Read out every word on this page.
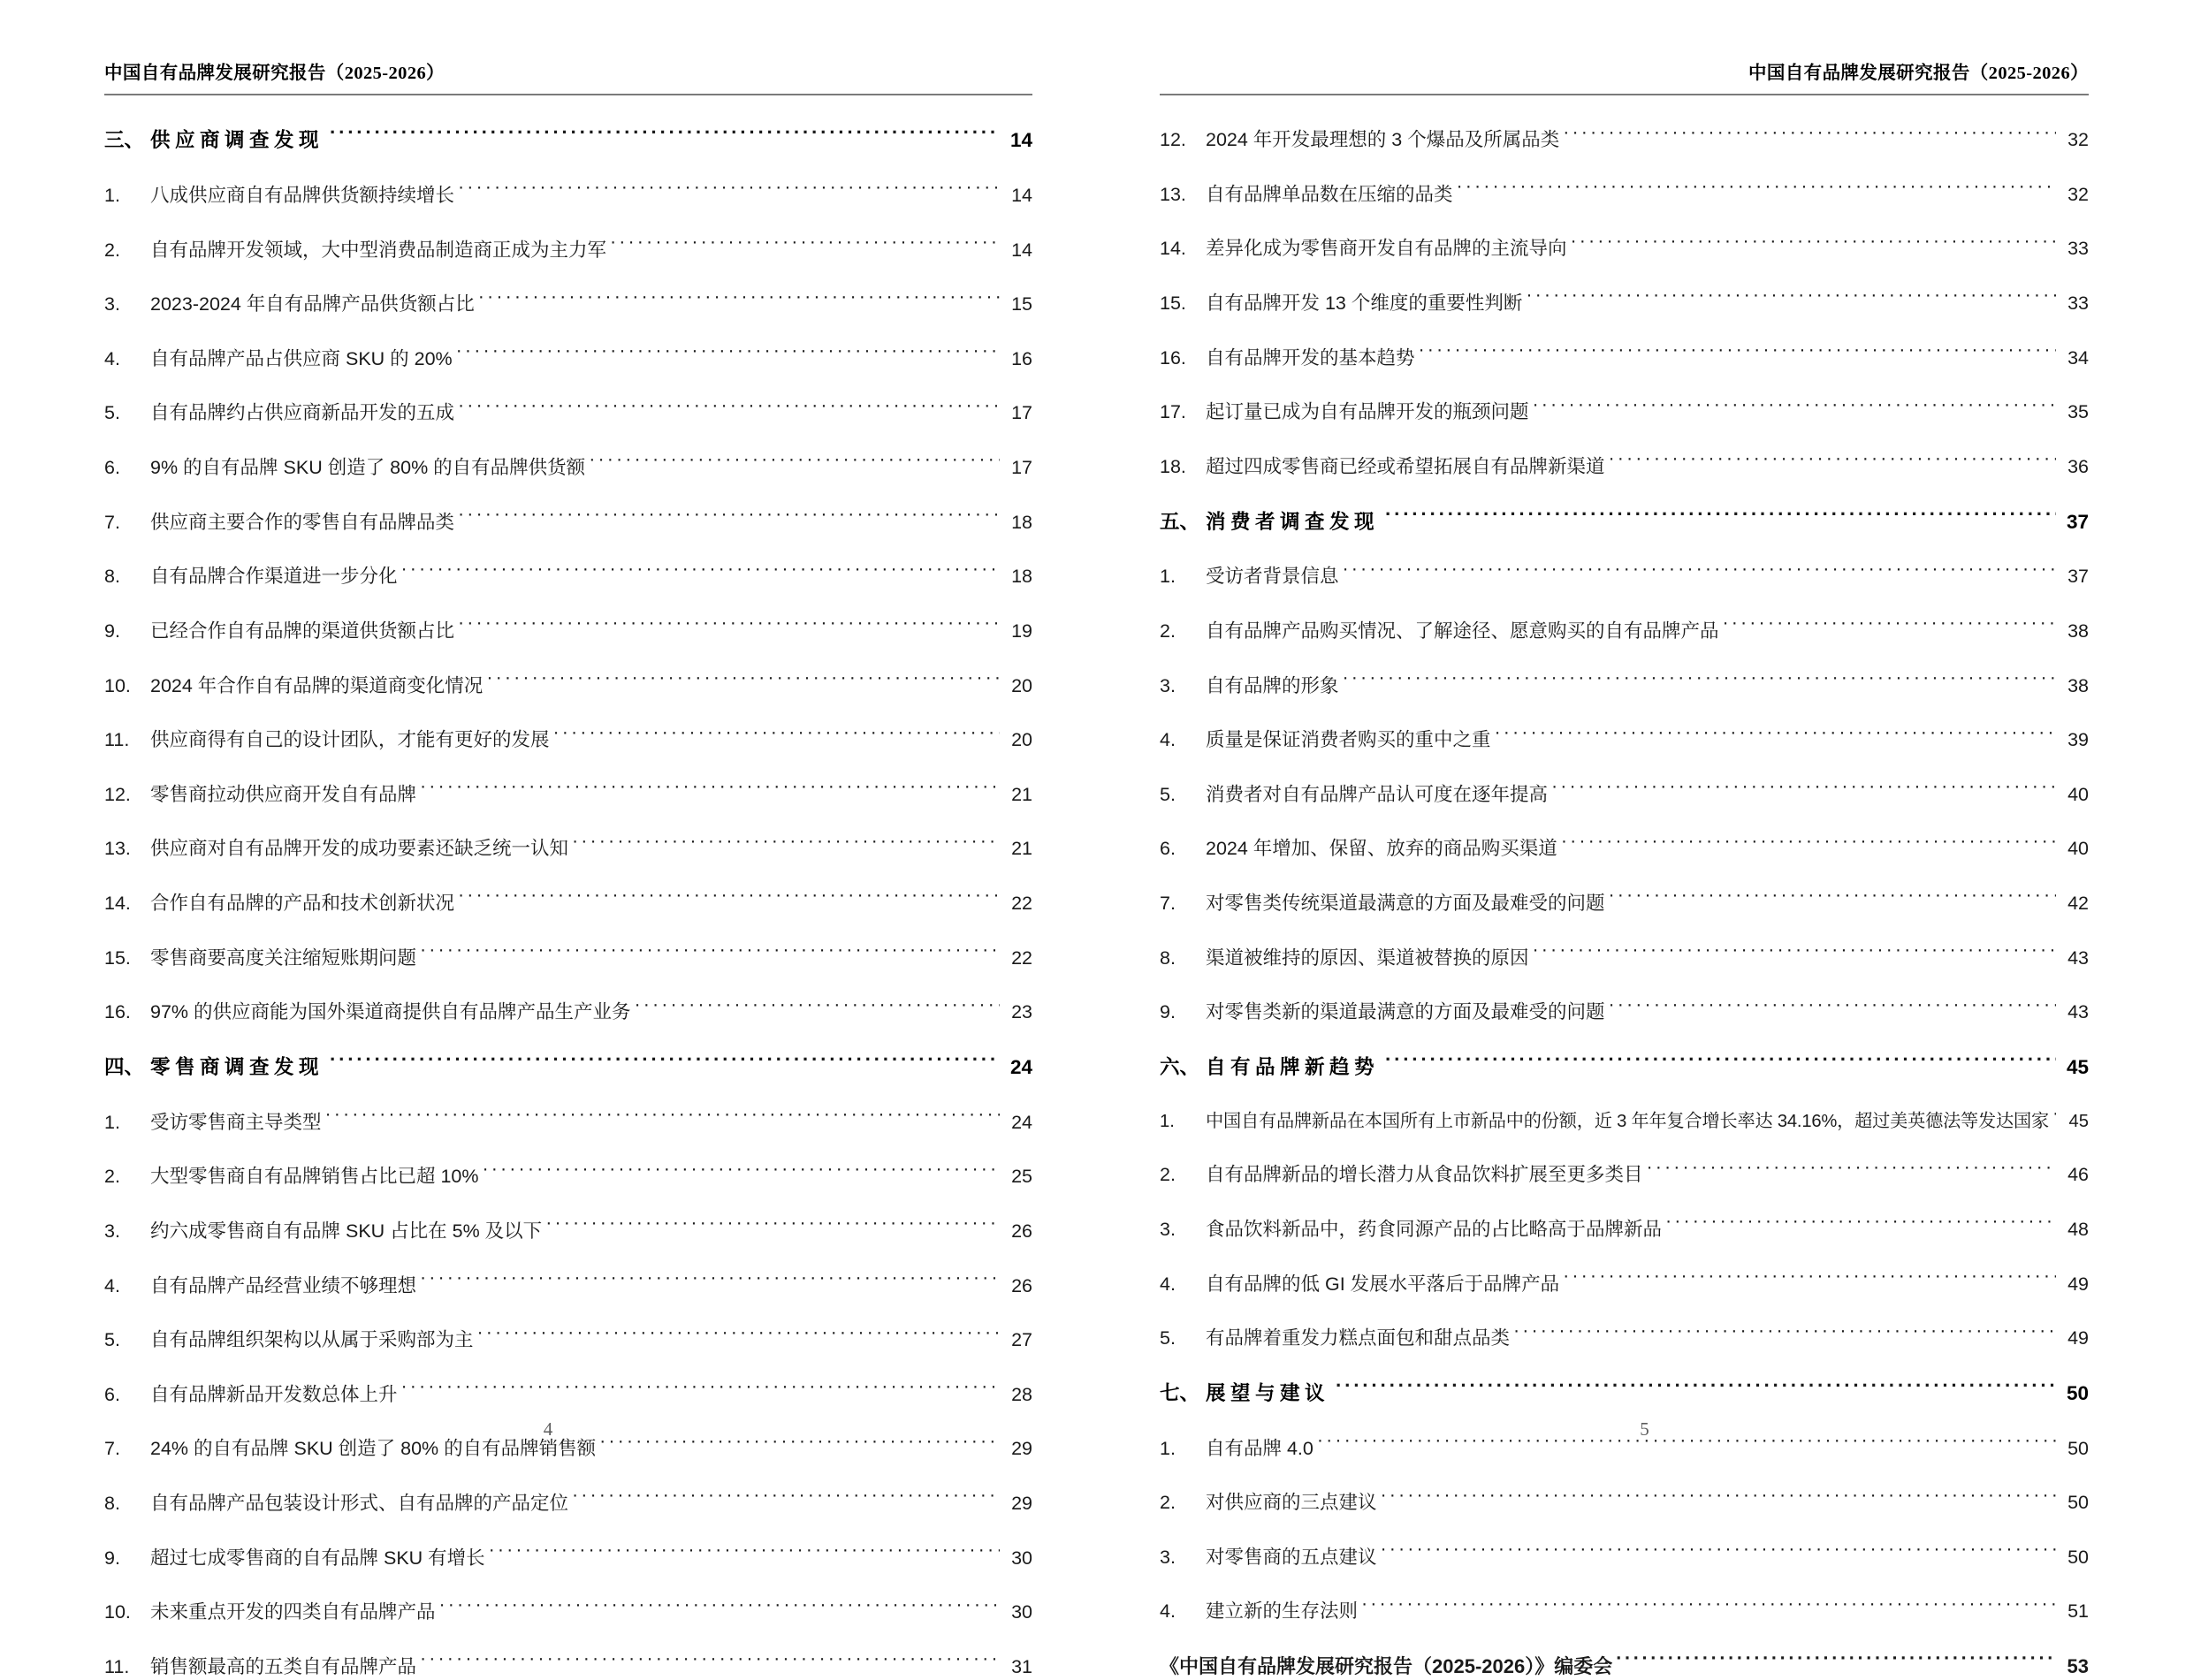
中国自有品牌发展研究报告（2025-2026）
三、 供应商调查发现 ·····	14
1.	八成供应商自有品牌供货额持续增长 ·····	14
2.	自有品牌开发领域，大中型消费品制造商正成为主力军 ·····	14
3.	2023-2024 年自有品牌产品供货额占比 ·····	15
4.	自有品牌产品占供应商 SKU 的 20% ·····	16
5.	自有品牌约占供应商新品开发的五成 ·····	17
6.	9% 的自有品牌 SKU 创造了 80% 的自有品牌供货额 ·····	17
7.	供应商主要合作的零售自有品牌品类 ·····	18
8.	自有品牌合作渠道进一步分化 ·····	18
9.	已经合作自有品牌的渠道供货额占比 ·····	19
10.	2024 年合作自有品牌的渠道商变化情况 ·····	20
11.	供应商得有自己的设计团队，才能有更好的发展 ·····	20
12.	零售商拉动供应商开发自有品牌 ·····	21
13.	供应商对自有品牌开发的成功要素还缺乏统一认知 ·····	21
14.	合作自有品牌的产品和技术创新状况 ·····	22
15.	零售商要高度关注缩短账期问题 ·····	22
16.	97% 的供应商能为国外渠道商提供自有品牌产品生产业务 ·····	23
四、 零售商调查发现 ·····	24
1.	受访零售商主导类型 ·····	24
2.	大型零售商自有品牌销售占比已超 10% ·····	25
3.	约六成零售商自有品牌 SKU 占比在 5% 及以下 ·····	26
4.	自有品牌产品经营业绩不够理想 ·····	26
5.	自有品牌组织架构以从属于采购部为主 ·····	27
6.	自有品牌新品开发数总体上升 ·····	28
7.	24% 的自有品牌 SKU 创造了 80% 的自有品牌销售额 ·····	29
8.	自有品牌产品包装设计形式、自有品牌的产品定位 ·····	29
9.	超过七成零售商的自有品牌 SKU 有增长 ·····	30
10.	未来重点开发的四类自有品牌产品 ·····	30
11.	销售额最高的五类自有品牌产品 ·····	31
4
中国自有品牌发展研究报告（2025-2026）
12.	2024 年开发最理想的 3 个爆品及所属品类 ·····	32
13.	自有品牌单品数在压缩的品类 ·····	32
14.	差异化成为零售商开发自有品牌的主流导向 ·····	33
15.	自有品牌开发 13 个维度的重要性判断 ·····	33
16.	自有品牌开发的基本趋势 ·····	34
17.	起订量已成为自有品牌开发的瓶颈问题 ·····	35
18.	超过四成零售商已经或希望拓展自有品牌新渠道 ·····	36
五、 消费者调查发现 ·····	37
1.	受访者背景信息 ·····	37
2.	自有品牌产品购买情况、了解途径、愿意购买的自有品牌产品 ·····	38
3.	自有品牌的形象 ·····	38
4.	质量是保证消费者购买的重中之重 ·····	39
5.	消费者对自有品牌产品认可度在逐年提高 ·····	40
6.	2024 年增加、保留、放弃的商品购买渠道 ·····	40
7.	对零售类传统渠道最满意的方面及最难受的问题 ·····	42
8.	渠道被维持的原因、渠道被替换的原因 ·····	43
9.	对零售类新的渠道最满意的方面及最难受的问题 ·····	43
六、 自有品牌新趋势 ·····	45
1.	中国自有品牌新品在本国所有上市新品中的份额，近 3 年年复合增长率达 34.16%，超过美英德法等发达国家 ·····	45
2.	自有品牌新品的增长潜力从食品饮料扩展至更多类目 ·····	46
3.	食品饮料新品中，药食同源产品的占比略高于品牌新品 ·····	48
4.	自有品牌的低 GI 发展水平落后于品牌产品 ·····	49
5.	有品牌着重发力糕点面包和甜点品类 ·····	49
七、 展望与建议 ·····	50
1.	自有品牌 4.0 ·····	50
2.	对供应商的三点建议 ·····	50
3.	对零售商的五点建议 ·····	50
4.	建立新的生存法则 ·····	51
《中国自有品牌发展研究报告（2025-2026）》编委会 ·····	53
5
